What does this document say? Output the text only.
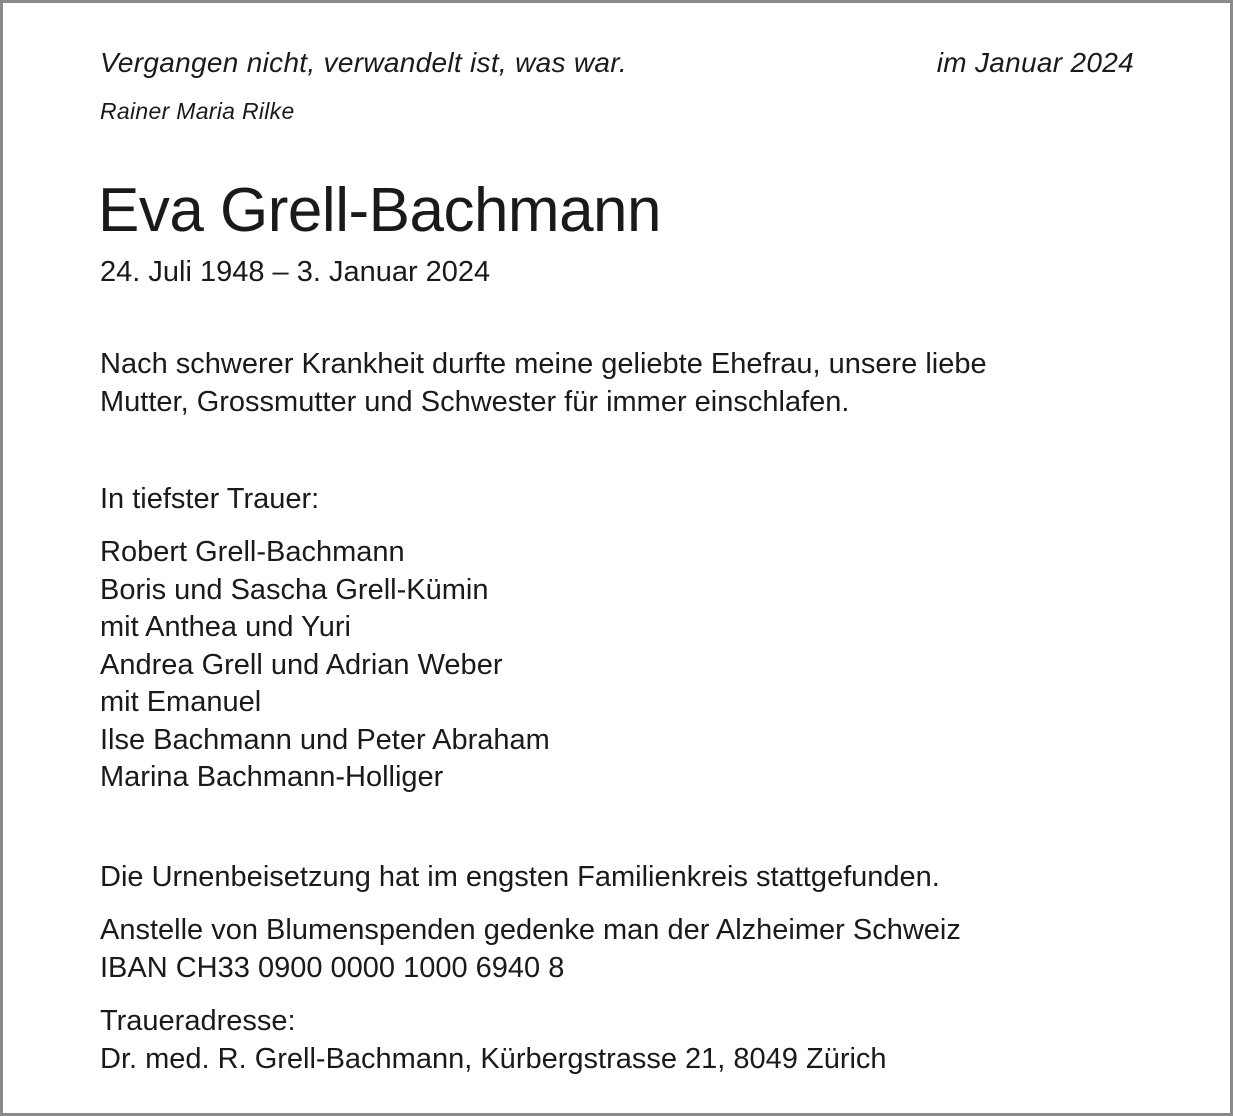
Vergangen nicht, verwandelt ist, was war.	im Januar 2024

Rainer Maria Rilke

Eva Grell-Bachmann

24. Juli 1948 – 3. Januar 2024

Nach schwerer Krankheit durfte meine geliebte Ehefrau, unsere liebe
Mutter, Grossmutter und Schwester für immer einschlafen.

In tiefster Trauer:

Robert Grell-Bachmann
Boris und Sascha Grell-Kümin
mit Anthea und Yuri
Andrea Grell und Adrian Weber
mit Emanuel
Ilse Bachmann und Peter Abraham
Marina Bachmann-Holliger

Die Urnenbeisetzung hat im engsten Familienkreis stattgefunden.

Anstelle von Blumenspenden gedenke man der Alzheimer Schweiz

IBAN CH33 0900 0000 1000 6940 8

Traueradresse:

Dr. med. R. Grell-Bachmann, Kürbergstrasse 21, 8049 Zürich
